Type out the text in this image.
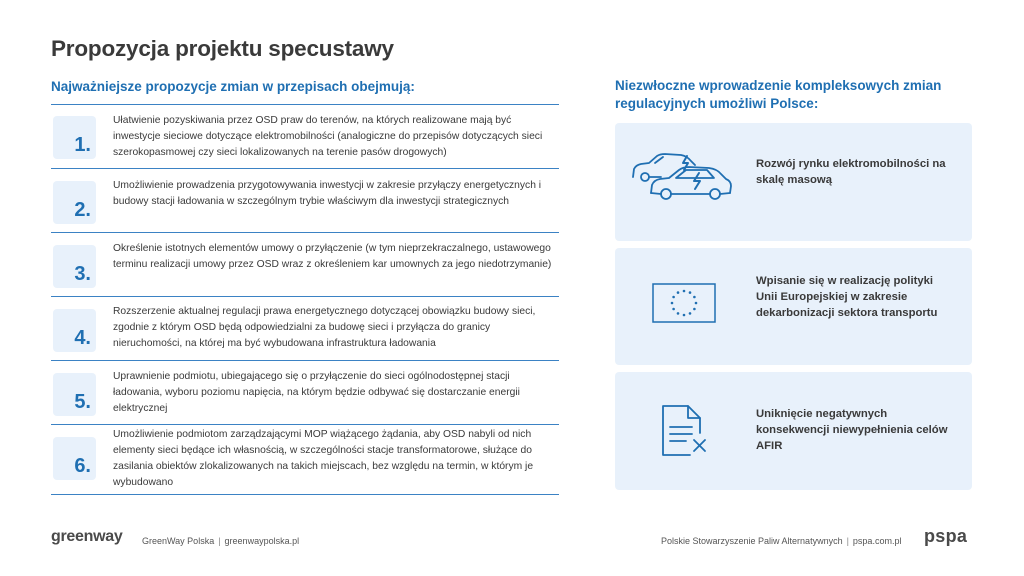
Propozycja projektu specustawy
Najważniejsze propozycje zmian w przepisach obejmują:
1.
Ułatwienie pozyskiwania przez OSD praw do terenów, na których realizowane mają być inwestycje sieciowe dotyczące elektromobilności (analogiczne do przepisów dotyczących sieci szerokopasmowej czy sieci lokalizowanych na terenie pasów drogowych)
2.
Umożliwienie prowadzenia przygotowywania inwestycji w zakresie przyłączy energetycznych i budowy stacji ładowania w szczególnym trybie właściwym dla inwestycji strategicznych
3.
Określenie istotnych elementów umowy o przyłączenie (w tym nieprzekraczalnego, ustawowego terminu realizacji umowy przez OSD wraz z określeniem kar umownych za jego niedotrzymanie)
4.
Rozszerzenie aktualnej regulacji prawa energetycznego dotyczącej obowiązku budowy sieci, zgodnie z którym OSD będą odpowiedzialni za budowę sieci i przyłącza do granicy nieruchomości, na której ma być wybudowana infrastruktura ładowania
5.
Uprawnienie podmiotu, ubiegającego się o przyłączenie do sieci ogólnodostępnej stacji ładowania, wyboru poziomu napięcia, na którym będzie odbywać się dostarczanie energii elektrycznej
6.
Umożliwienie podmiotom zarządzającymi MOP wiążącego żądania, aby OSD nabyli od nich elementy sieci będące ich własnością, w szczególności stacje transformatorowe, służące do zasilania obiektów zlokalizowanych na takich miejscach, bez względu na termin, w którym je wybudowano
Niezwłoczne wprowadzenie kompleksowych zmian regulacyjnych umożliwi Polsce:
Rozwój rynku elektromobilności na skalę masową
Wpisanie się w realizację polityki Unii Europejskiej w zakresie dekarbonizacji sektora transportu
Uniknięcie negatywnych konsekwencji niewypełnienia celów AFIR
greenway GreenWay Polska | greenwaypolska.pl	Polskie Stowarzyszenie Paliw Alternatywnych | pspa.com.pl pspa
